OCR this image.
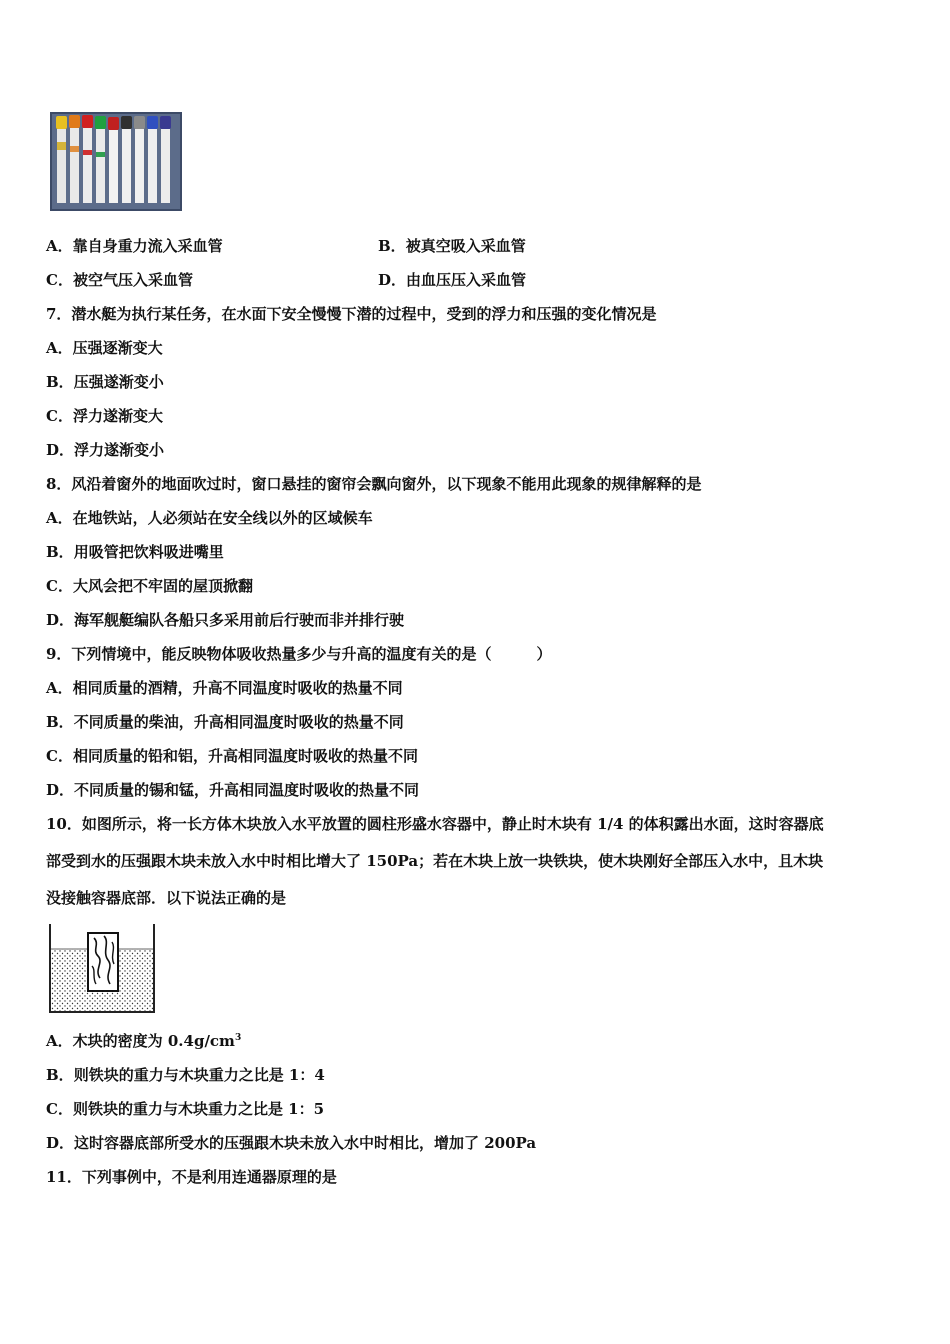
A．靠自身重力流入采血管	B．被真空吸入采血管
C．被空气压入采血管	D．由血压压入采血管
7．潜水艇为执行某任务，在水面下安全慢慢下潜的过程中，受到的浮力和压强的变化情况是
A．压强逐渐变大
B．压强遂渐变小
C．浮力遂渐变大
D．浮力遂渐变小
8．风沿着窗外的地面吹过时，窗口悬挂的窗帘会飘向窗外，以下现象不能用此现象的规律解释的是
A．在地铁站，人必须站在安全线以外的区域候车
B．用吸管把饮料吸进嘴里
C．大风会把不牢固的屋顶掀翻
D．海军舰艇编队各船只多采用前后行驶而非并排行驶
9．下列情境中，能反映物体吸收热量多少与升高的温度有关的是（　　　）
A．相同质量的酒精，升高不同温度时吸收的热量不同
B．不同质量的柴油，升高相同温度时吸收的热量不同
C．相同质量的铅和铝，升高相同温度时吸收的热量不同
D．不同质量的锡和锰，升高相同温度时吸收的热量不同
10．如图所示，将一长方体木块放入水平放置的圆柱形盛水容器中，静止时木块有 1/4 的体积露出水面，这时容器底
部受到水的压强跟木块未放入水中时相比增大了 150Pa；若在木块上放一块铁块，使木块刚好全部压入水中，且木块
没接触容器底部．以下说法正确的是
A．木块的密度为 $0.4g/cm^3$
B．则铁块的重力与木块重力之比是 1：4
C．则铁块的重力与木块重力之比是 1：5
D．这时容器底部所受水的压强跟木块未放入水中时相比，增加了 200Pa
11．下列事例中，不是利用连通器原理的是
